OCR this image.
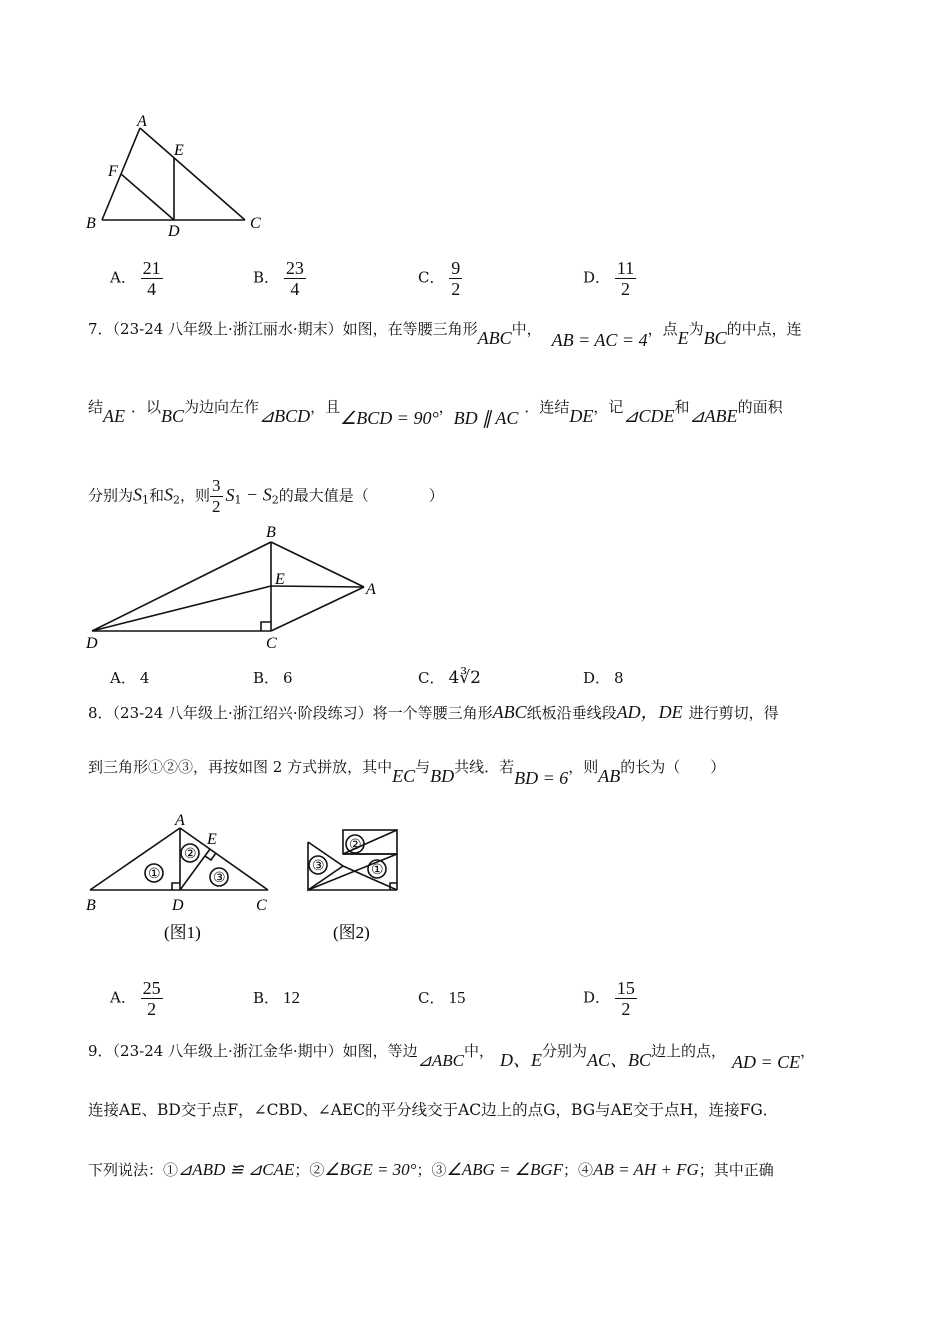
A
E
F
B	D	C
A． $\frac{21}{4}$	B． $\frac{23}{4}$	C． $\frac{9}{2}$	D． $\frac{11}{2}$
7．（23-24 八年级上·浙江丽水·期末）如图，在等腰三角形ABC中，AB = AC = 4，点E为BC的中点，连
结AE ．以BC为边向左作⊿BCD，且∠BCD = 90°，BD ∥ AC．连结DE，记⊿CDE和⊿ABE的面积
分别为$S_1$和$S_2$，则 $\frac{3}{2} S_1 - S_2$的最大值是（　　　　）
B
E
A
D	C
A． 4	B． 6	C． 4∛2	D． 8
8．（23-24 八年级上·浙江绍兴·阶段练习）将一个等腰三角形ABC纸板沿垂线段AD，DE 进行剪切，得
到三角形①②③，再按如图 2 方式拼放，其中EC与BD共线．若BD = 6，则AB的长为（　　）
①
②
③
A
E
B	D	C
(图1)
②
③	①
(图2)
A． $\frac{25}{2}$	B． 12	C． 15	D． $\frac{15}{2}$
9．（23-24 八年级上·浙江金华·期中）如图，等边⊿ABC中， D、E分别为AC、BC边上的点，AD = CE，
连接AE、BD交于点F，∠CBD、∠AEC的平分线交于AC边上的点G，BG与AE交于点H，连接FG．
下列说法：①⊿ABD ≌ ⊿CAE；②∠BGE = 30°；③∠ABG = ∠BGF；④AB = AH + FG；其中正确
